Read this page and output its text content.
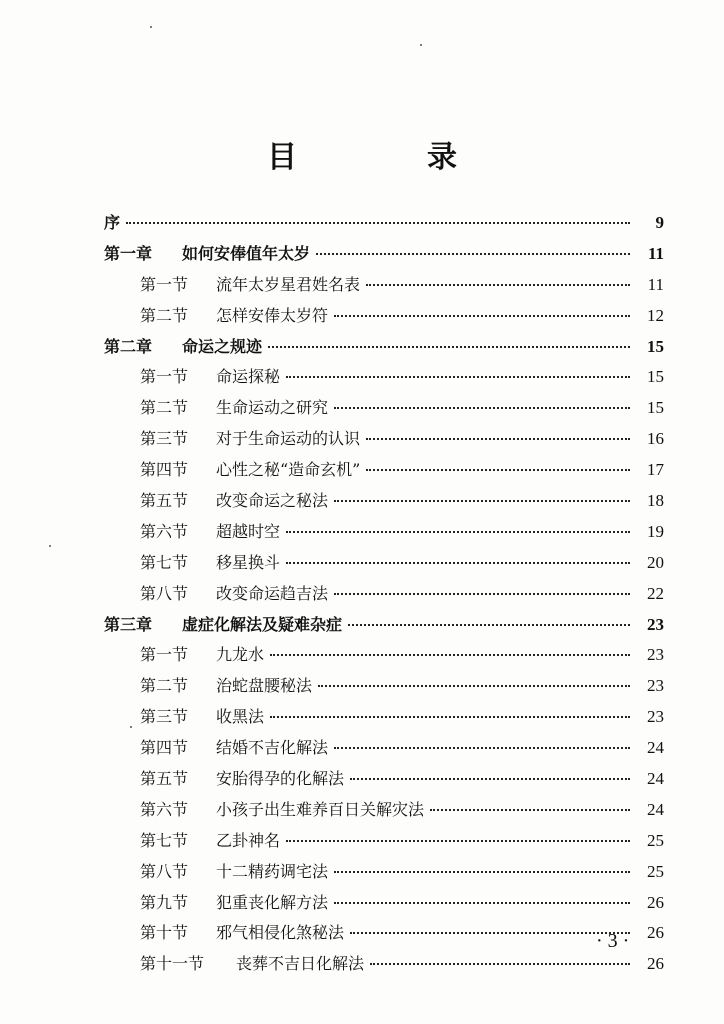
目　录
序	9
第一章 如何安俸值年太岁	11
第一节 流年太岁星君姓名表	11
第二节 怎样安俸太岁符	12
第二章 命运之规迹	15
第一节 命运探秘	15
第二节 生命运动之研究	15
第三节 对于生命运动的认识	16
第四节 心性之秘“造命玄机”	17
第五节 改变命运之秘法	18
第六节 超越时空	19
第七节 移星换斗	20
第八节 改变命运趋吉法	22
第三章 虚症化解法及疑难杂症	23
第一节 九龙水	23
第二节 治蛇盘腰秘法	23
第三节 收黑法	23
第四节 结婚不吉化解法	24
第五节 安胎得孕的化解法	24
第六节 小孩子出生难养百日关解灾法	24
第七节 乙卦神名	25
第八节 十二精药调宅法	25
第九节 犯重丧化解方法	26
第十节 邪气相侵化煞秘法	26
第十一节 丧葬不吉日化解法	26
· 3 ·
